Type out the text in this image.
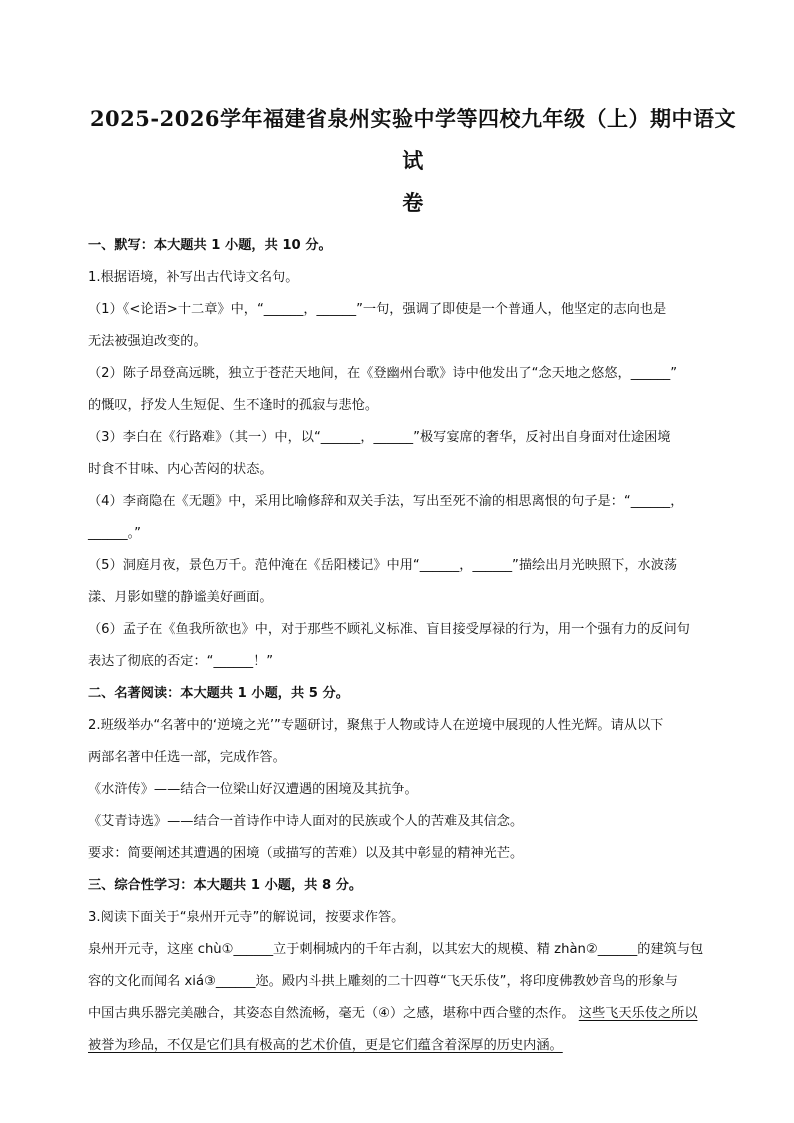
2025-2026学年福建省泉州实验中学等四校九年级（上）期中语文试
卷

一、默写：本大题共 1 小题，共 10 分。

1.根据语境，补写出古代诗文名句。

（1）《<论语>十二章》中，“______，______”一句，强调了即使是一个普通人，他坚定的志向也是

无法被强迫改变的。

（2）陈子昂登高远眺，独立于苍茫天地间，在《登幽州台歌》诗中他发出了“念天地之悠悠，______”

的慨叹，抒发人生短促、生不逢时的孤寂与悲怆。

（3）李白在《行路难》（其一）中，以“______，______”极写宴席的奢华，反衬出自身面对仕途困境

时食不甘味、内心苦闷的状态。

（4）李商隐在《无题》中，采用比喻修辞和双关手法，写出至死不渝的相思离恨的句子是：“______，

______。”

（5）洞庭月夜，景色万千。范仲淹在《岳阳楼记》中用“______，______”描绘出月光映照下，水波荡

漾、月影如璧的静谧美好画面。

（6）孟子在《鱼我所欲也》中，对于那些不顾礼义标准、盲目接受厚禄的行为，用一个强有力的反问句

表达了彻底的否定：“______！”

二、名著阅读：本大题共 1 小题，共 5 分。

2.班级举办“名著中的‘逆境之光’”专题研讨，聚焦于人物或诗人在逆境中展现的人性光辉。请从以下

两部名著中任选一部，完成作答。

《水浒传》——结合一位梁山好汉遭遇的困境及其抗争。

《艾青诗选》——结合一首诗作中诗人面对的民族或个人的苦难及其信念。

要求：简要阐述其遭遇的困境（或描写的苦难）以及其中彰显的精神光芒。

三、综合性学习：本大题共 1 小题，共 8 分。

3.阅读下面关于“泉州开元寺”的解说词，按要求作答。

泉州开元寺，这座 chù①______立于刺桐城内的千年古刹，以其宏大的规模、精 zhàn②______的建筑与包

容的文化而闻名 xiá③______迩。殿内斗拱上雕刻的二十四尊“飞天乐伎”，将印度佛教妙音鸟的形象与

中国古典乐器完美融合，其姿态自然流畅，毫无（④）之感，堪称中西合璧的杰作。 这些飞天乐伎之所以

被誉为珍品，不仅是它们具有极高的艺术价值，更是它们蕴含着深厚的历史内涵。
